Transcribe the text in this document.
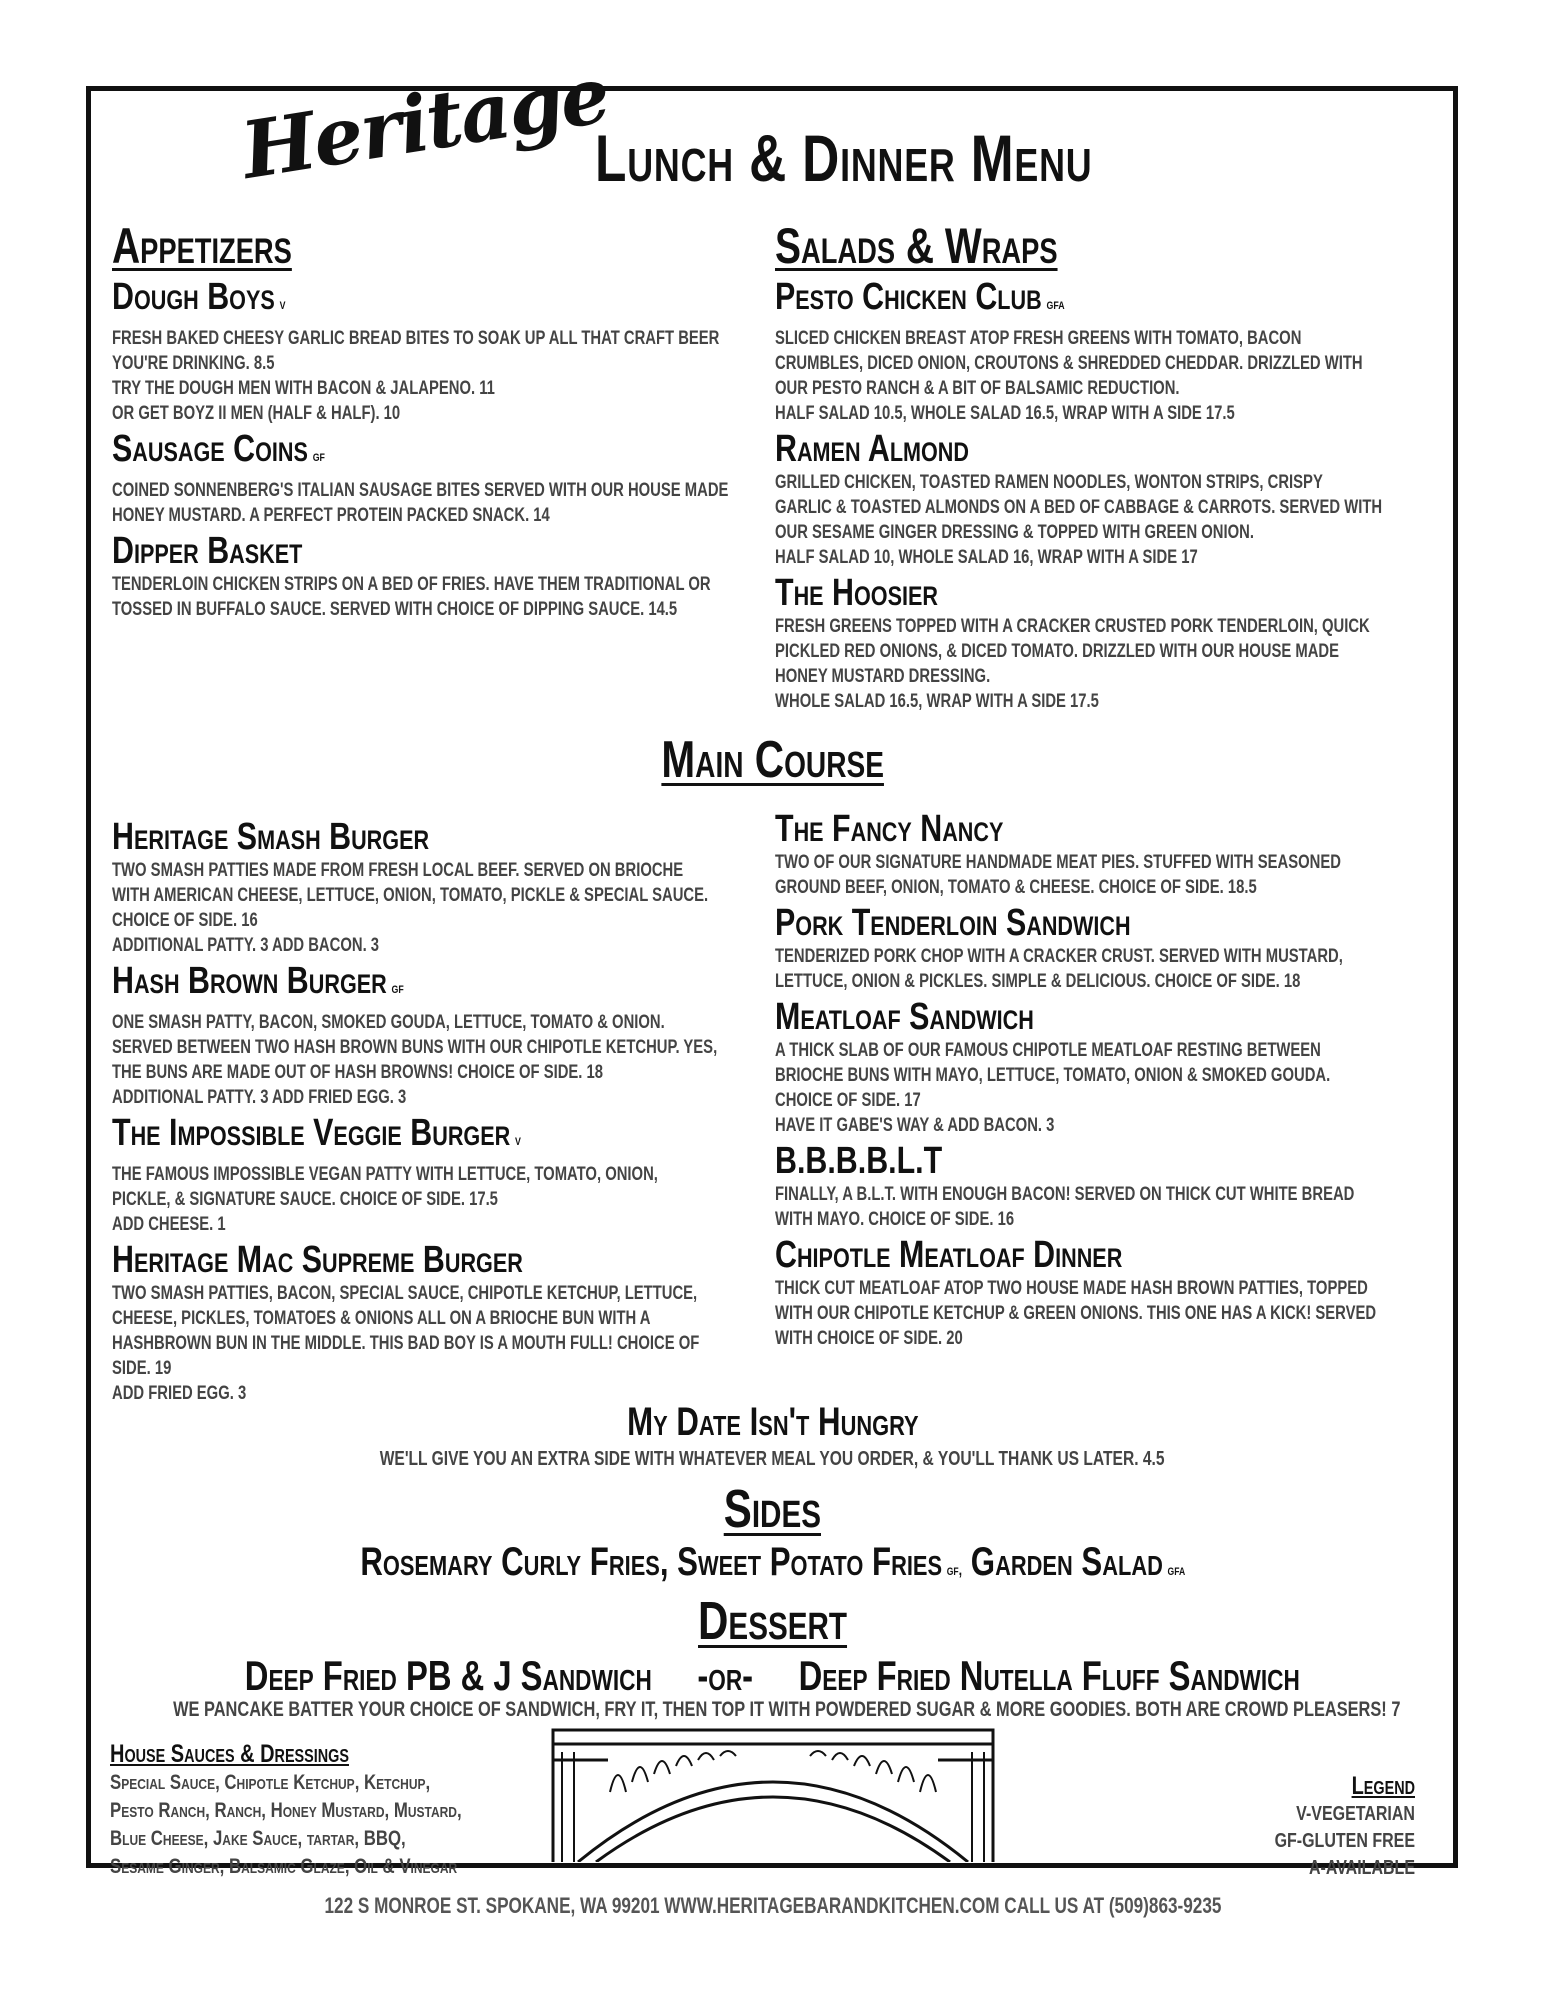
Heritage
Lunch & Dinner Menu
Appetizers
Dough Boys v
FRESH BAKED CHEESY GARLIC BREAD BITES TO SOAK UP ALL THAT CRAFT BEER
YOU'RE DRINKING. 8.5
TRY THE DOUGH MEN WITH BACON & JALAPENO. 11
OR GET BOYZ II MEN (HALF & HALF). 10
Sausage Coins gf
COINED SONNENBERG'S ITALIAN SAUSAGE BITES SERVED WITH OUR HOUSE MADE
HONEY MUSTARD. A PERFECT PROTEIN PACKED SNACK. 14
Dipper Basket
TENDERLOIN CHICKEN STRIPS ON A BED OF FRIES. HAVE THEM TRADITIONAL OR
TOSSED IN BUFFALO SAUCE. SERVED WITH CHOICE OF DIPPING SAUCE. 14.5
Salads & Wraps
Pesto Chicken Club gfa
SLICED CHICKEN BREAST ATOP FRESH GREENS WITH TOMATO, BACON
CRUMBLES, DICED ONION, CROUTONS & SHREDDED CHEDDAR. DRIZZLED WITH
OUR PESTO RANCH & A BIT OF BALSAMIC REDUCTION.
HALF SALAD 10.5, WHOLE SALAD 16.5, WRAP WITH A SIDE 17.5
Ramen Almond
GRILLED CHICKEN, TOASTED RAMEN NOODLES, WONTON STRIPS, CRISPY
GARLIC & TOASTED ALMONDS ON A BED OF CABBAGE & CARROTS. SERVED WITH
OUR SESAME GINGER DRESSING & TOPPED WITH GREEN ONION.
HALF SALAD 10, WHOLE SALAD 16, WRAP WITH A SIDE 17
The Hoosier
FRESH GREENS TOPPED WITH A CRACKER CRUSTED PORK TENDERLOIN, QUICK
PICKLED RED ONIONS, & DICED TOMATO. DRIZZLED WITH OUR HOUSE MADE
HONEY MUSTARD DRESSING.
WHOLE SALAD 16.5, WRAP WITH A SIDE 17.5
Main Course
Heritage Smash Burger
TWO SMASH PATTIES MADE FROM FRESH LOCAL BEEF. SERVED ON BRIOCHE
WITH AMERICAN CHEESE, LETTUCE, ONION, TOMATO, PICKLE & SPECIAL SAUCE.
CHOICE OF SIDE. 16
ADDITIONAL PATTY. 3 ADD BACON. 3
Hash Brown Burger gf
ONE SMASH PATTY, BACON, SMOKED GOUDA, LETTUCE, TOMATO & ONION.
SERVED BETWEEN TWO HASH BROWN BUNS WITH OUR CHIPOTLE KETCHUP. YES,
THE BUNS ARE MADE OUT OF HASH BROWNS! CHOICE OF SIDE. 18
ADDITIONAL PATTY. 3 ADD FRIED EGG. 3
The Impossible Veggie Burger v
THE FAMOUS IMPOSSIBLE VEGAN PATTY WITH LETTUCE, TOMATO, ONION,
PICKLE, & SIGNATURE SAUCE. CHOICE OF SIDE. 17.5
ADD CHEESE. 1
Heritage Mac Supreme Burger
TWO SMASH PATTIES, BACON, SPECIAL SAUCE, CHIPOTLE KETCHUP, LETTUCE,
CHEESE, PICKLES, TOMATOES & ONIONS ALL ON A BRIOCHE BUN WITH A
HASHBROWN BUN IN THE MIDDLE. THIS BAD BOY IS A MOUTH FULL! CHOICE OF
SIDE. 19
ADD FRIED EGG. 3
The Fancy Nancy
TWO OF OUR SIGNATURE HANDMADE MEAT PIES. STUFFED WITH SEASONED
GROUND BEEF, ONION, TOMATO & CHEESE. CHOICE OF SIDE. 18.5
Pork Tenderloin Sandwich
TENDERIZED PORK CHOP WITH A CRACKER CRUST. SERVED WITH MUSTARD,
LETTUCE, ONION & PICKLES. SIMPLE & DELICIOUS. CHOICE OF SIDE. 18
Meatloaf Sandwich
A THICK SLAB OF OUR FAMOUS CHIPOTLE MEATLOAF RESTING BETWEEN
BRIOCHE BUNS WITH MAYO, LETTUCE, TOMATO, ONION & SMOKED GOUDA.
CHOICE OF SIDE. 17
HAVE IT GABE'S WAY & ADD BACON. 3
B.B.B.B.L.T
FINALLY, A B.L.T. WITH ENOUGH BACON! SERVED ON THICK CUT WHITE BREAD
WITH MAYO. CHOICE OF SIDE. 16
Chipotle Meatloaf Dinner
THICK CUT MEATLOAF ATOP TWO HOUSE MADE HASH BROWN PATTIES, TOPPED
WITH OUR CHIPOTLE KETCHUP & GREEN ONIONS. THIS ONE HAS A KICK! SERVED
WITH CHOICE OF SIDE. 20
My Date Isn't Hungry
WE'LL GIVE YOU AN EXTRA SIDE WITH WHATEVER MEAL YOU ORDER, & YOU'LL THANK US LATER. 4.5
Sides
Rosemary Curly Fries, Sweet Potato Fries gf, Garden Salad gfa
Dessert
Deep Fried PB & J Sandwich -or- Deep Fried Nutella Fluff Sandwich
WE PANCAKE BATTER YOUR CHOICE OF SANDWICH, FRY IT, THEN TOP IT WITH POWDERED SUGAR & MORE GOODIES. BOTH ARE CROWD PLEASERS! 7
House Sauces & Dressings
Special Sauce, Chipotle Ketchup, Ketchup,
Pesto Ranch, Ranch, Honey Mustard, Mustard,
Blue Cheese, Jake Sauce, tartar, BBQ,
Sesame Ginger, Balsamic Glaze, Oil & Vinegar
Legend
V-VEGETARIAN
GF-GLUTEN FREE
A-AVAILABLE
122 S MONROE ST. SPOKANE, WA 99201 WWW.HERITAGEBARANDKITCHEN.COM CALL US AT (509)863-9235
